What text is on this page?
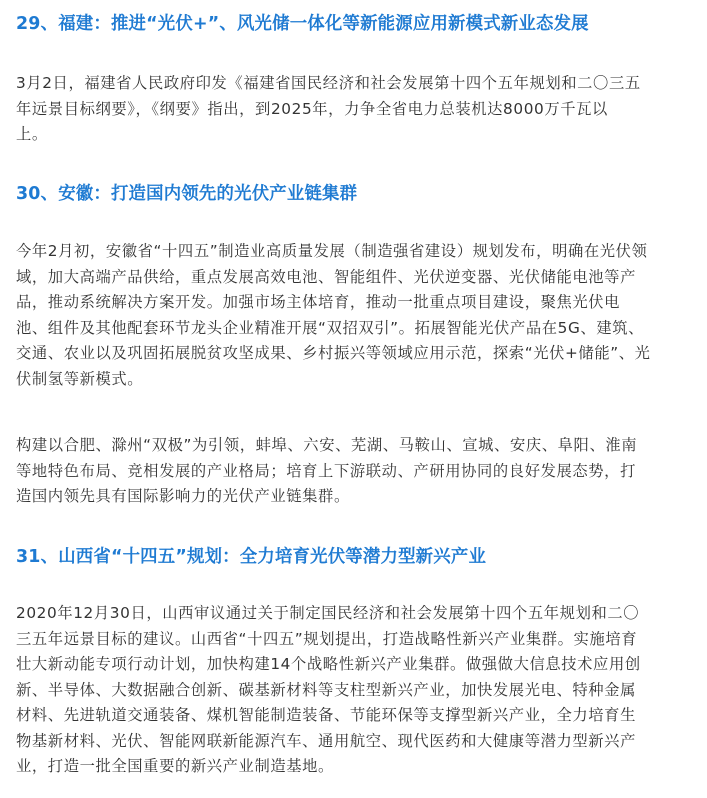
29、福建：推进“光伏+”、风光储一体化等新能源应用新模式新业态发展
3月2日，福建省人民政府印发《福建省国民经济和社会发展第十四个五年规划和二〇三五
年远景目标纲要》，《纲要》指出，到2025年，力争全省电力总装机达8000万千瓦以
上。
30、安徽：打造国内领先的光伏产业链集群
今年2月初，安徽省“十四五”制造业高质量发展（制造强省建设）规划发布，明确在光伏领
域，加大高端产品供给，重点发展高效电池、智能组件、光伏逆变器、光伏储能电池等产
品，推动系统解决方案开发。加强市场主体培育，推动一批重点项目建设，聚焦光伏电
池、组件及其他配套环节龙头企业精准开展“双招双引”。拓展智能光伏产品在5G、建筑、
交通、农业以及巩固拓展脱贫攻坚成果、乡村振兴等领域应用示范，探索“光伏+储能”、光
伏制氢等新模式。
构建以合肥、滁州“双极”为引领，蚌埠、六安、芜湖、马鞍山、宣城、安庆、阜阳、淮南
等地特色布局、竞相发展的产业格局；培育上下游联动、产研用协同的良好发展态势，打
造国内领先具有国际影响力的光伏产业链集群。
31、山西省“十四五”规划：全力培育光伏等潜力型新兴产业
2020年12月30日，山西审议通过关于制定国民经济和社会发展第十四个五年规划和二〇
三五年远景目标的建议。山西省“十四五”规划提出，打造战略性新兴产业集群。实施培育
壮大新动能专项行动计划，加快构建14个战略性新兴产业集群。做强做大信息技术应用创
新、半导体、大数据融合创新、碳基新材料等支柱型新兴产业，加快发展光电、特种金属
材料、先进轨道交通装备、煤机智能制造装备、节能环保等支撑型新兴产业，全力培育生
物基新材料、光伏、智能网联新能源汽车、通用航空、现代医药和大健康等潜力型新兴产
业，打造一批全国重要的新兴产业制造基地。
